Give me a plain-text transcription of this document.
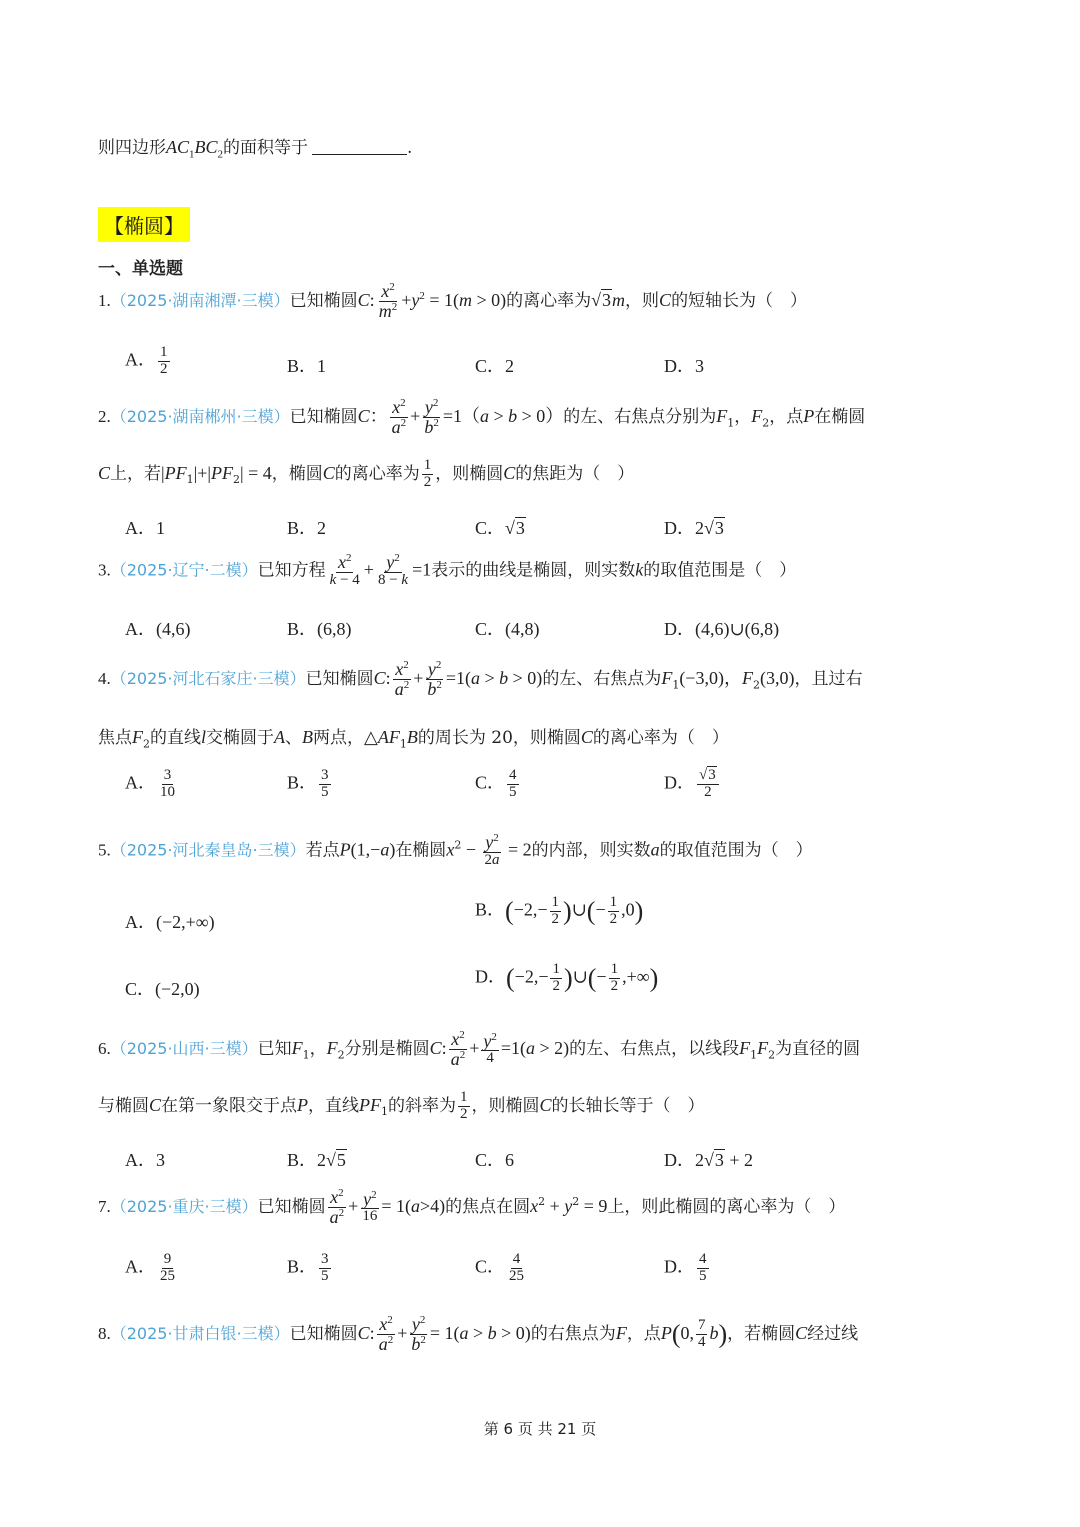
则四边形$AC_1BC_2$的面积等于	.
【椭圆】
一、单选题
1.（2025·湖南湘潭·三模）已知椭圆C: $\frac{x^2}{m^2} +y^2 = 1(m > 0)$的离心率为√3m，则C的短轴长为（　）
A． $\frac{1}{2}$	B．1	C．2	D．3
2.（2025·湖南郴州·三模）已知椭圆C： $\frac{x^2}{a^2} + \frac{y^2}{b^2} =1(a > b > 0)$的左、右焦点分别为$F_1$，$F_2$，点P在椭圆
C上，若$|PF_1|+|PF_2| = 4$，椭圆C的离心率为 $\frac{1}{2}$ ，则椭圆C的焦距为（　）
A．1	B．2	C．√3	D．2√3
3.（2025·辽宁·二模）已知方程 $\frac{x^2}{k - 4} + \frac{y^2}{8 - k} =1$表示的曲线是椭圆，则实数k的取值范围是（　）
A．(4,6)	B．(6,8)	C．(4,8)	D．(4,6)∪(6,8)
4.（2025·河北石家庄·三模）已知椭圆C: $\frac{x^2}{a^2} + \frac{y^2}{b^2} =1(a > b > 0)$的左、右焦点为$F_1(-3,0)$，$F_2(3,0)$，且过右
焦点$F_2$的直线l交椭圆于A、B两点，$\triangle AF_1B$的周长为 20，则椭圆C的离心率为（　）
A． $\frac{3}{10}$	B． $\frac{3}{5}$	C． $\frac{4}{5}$	D． $\frac{√3}{2}$
5.（2025·河北秦皇岛·三模）若点P(1,−a)在椭圆$x^2 - \frac{y^2}{2a} = 2$的内部，则实数a的取值范围为（　）
A．(−2,+∞)
B．($-2,- \frac{1}{2}$ )∪(− $\frac{1}{2} ,0$)
C．(−2,0)
D．($-2,- \frac{1}{2}$ )∪(− $\frac{1}{2}$ ,+∞)
6.（2025·山西·三模）已知$F_1$，$F_2$分别是椭圆C: $\frac{x^2}{a^2} + \frac{y^2}{4} =1(a > 2)$的左、右焦点，以线段$F_1F_2$为直径的圆
与椭圆C在第一象限交于点P，直线$PF_1$的斜率为 $\frac{1}{2}$ ，则椭圆C的长轴长等于（　）
A．3	B．2√5	C．6	D．2√3 + 2
7.（2025·重庆·三模）已知椭圆 $\frac{x^2}{a^2} + \frac{y^2}{16} = 1(a>4)$的焦点在圆$x^2 + y^2 = 9$上，则此椭圆的离心率为（　）
A． $\frac{9}{25}$	B． $\frac{3}{5}$	C． $\frac{4}{25}$	D． $\frac{4}{5}$
8.（2025·甘肃白银·三模）已知椭圆C: $\frac{x^2}{a^2} + \frac{y^2}{b^2} = 1(a > b > 0)$的右焦点为F，点P(0, $\frac{7}{4} b$)，若椭圆C经过线
第 6 页 共 21 页
